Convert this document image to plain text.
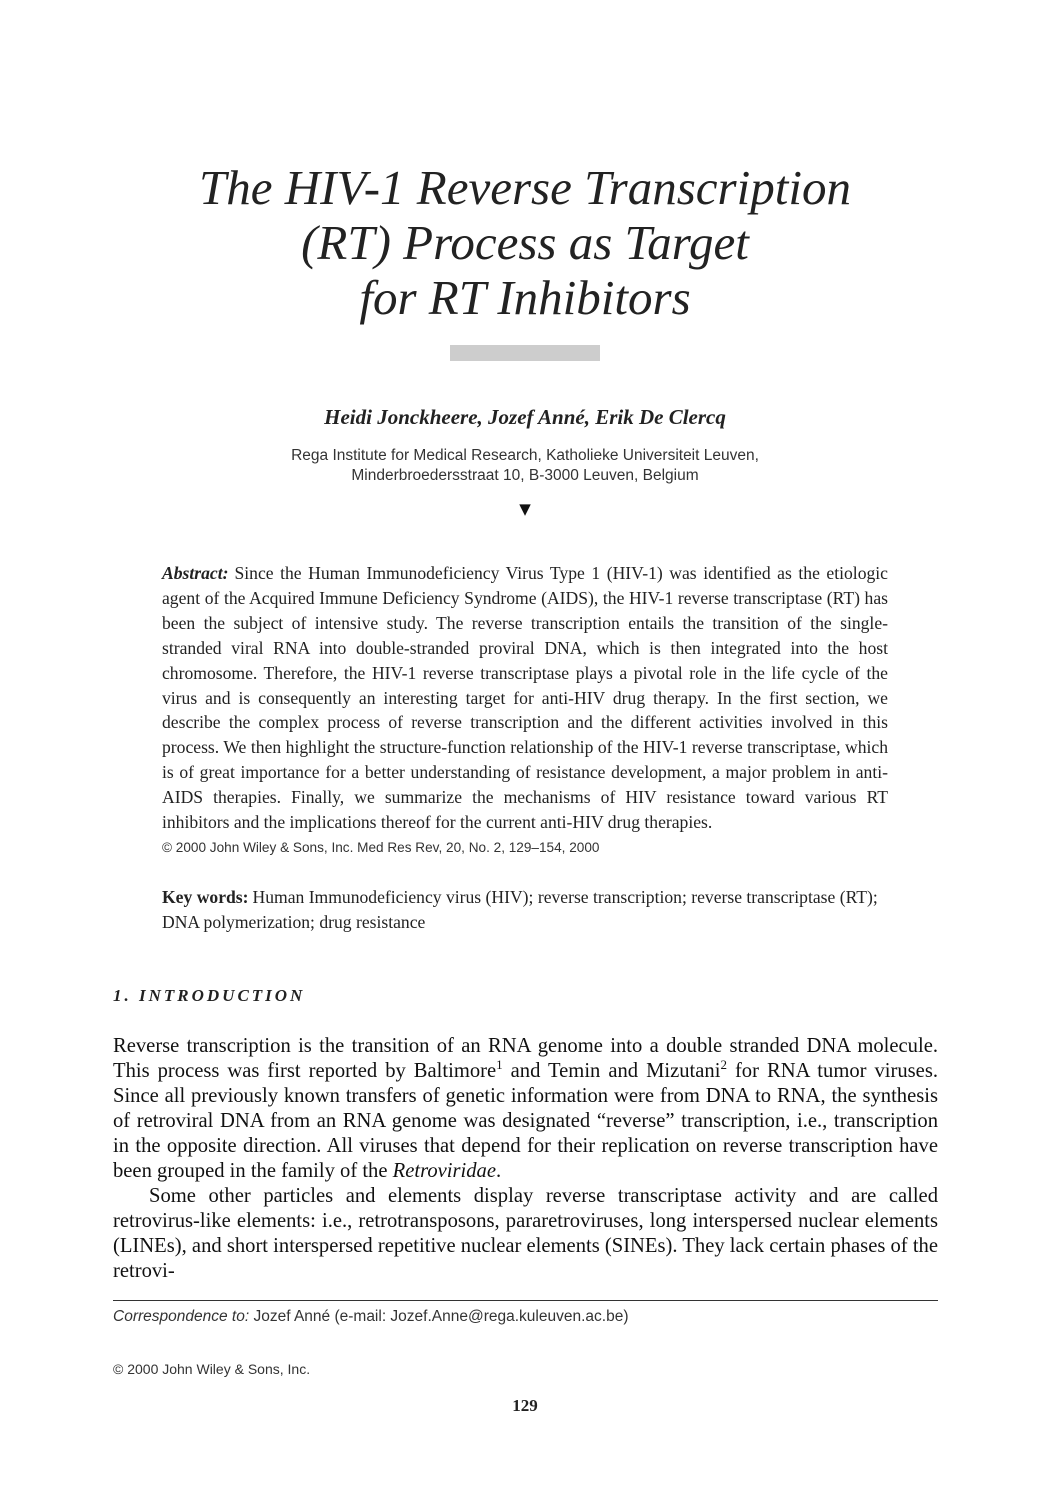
The HIV-1 Reverse Transcription
(RT) Process as Target
for RT Inhibitors
Heidi Jonckheere, Jozef Anné, Erik De Clercq
Rega Institute for Medical Research, Katholieke Universiteit Leuven,
Minderbroedersstraat 10, B-3000 Leuven, Belgium
▼

Abstract: Since the Human Immunodeficiency Virus Type 1 (HIV-1) was identified as the etiologic agent of the Acquired Immune Deficiency Syndrome (AIDS), the HIV-1 reverse transcriptase (RT) has been the subject of intensive study. The reverse transcription entails the transition of the single-stranded viral RNA into double-stranded proviral DNA, which is then integrated into the host chromosome. Therefore, the HIV-1 reverse transcriptase plays a pivotal role in the life cycle of the virus and is consequently an interesting target for anti-HIV drug therapy. In the first section, we describe the complex process of reverse transcription and the different activities involved in this process. We then highlight the structure-function relationship of the HIV-1 reverse transcriptase, which is of great importance for a better understanding of resistance development, a major problem in anti-AIDS therapies. Finally, we summarize the mechanisms of HIV resistance toward various RT inhibitors and the implications thereof for the current anti-HIV drug therapies.

© 2000 John Wiley & Sons, Inc. Med Res Rev, 20, No. 2, 129–154, 2000

Key words: Human Immunodeficiency virus (HIV); reverse transcription; reverse transcriptase (RT); DNA polymerization; drug resistance

1. INTRODUCTION

Reverse transcription is the transition of an RNA genome into a double stranded DNA molecule. This process was first reported by Baltimore$^1$ and Temin and Mizutani$^2$ for RNA tumor viruses. Since all previously known transfers of genetic information were from DNA to RNA, the synthesis of retroviral DNA from an RNA genome was designated “reverse” transcription, i.e., transcription in the opposite direction. All viruses that depend for their replication on reverse transcription have been grouped in the family of the Retroviridae.

Some other particles and elements display reverse transcriptase activity and are called retrovirus-like elements: i.e., retrotransposons, pararetroviruses, long interspersed nuclear elements (LINEs), and short interspersed repetitive nuclear elements (SINEs). They lack certain phases of the retrovi-

Correspondence to: Jozef Anné (e-mail: Jozef.Anne@rega.kuleuven.ac.be)
© 2000 John Wiley & Sons, Inc.
129
